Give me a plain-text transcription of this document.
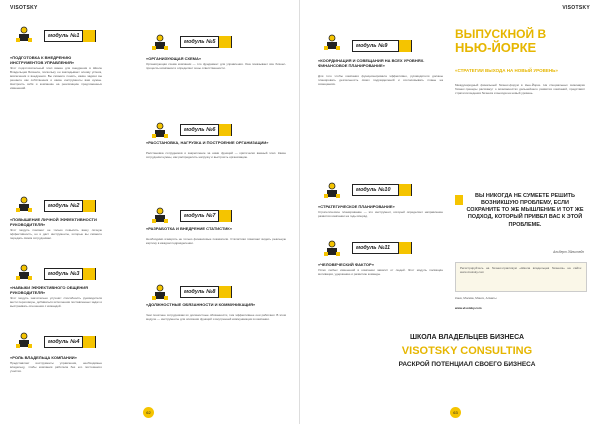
VISOTSKY
модуль №1
«ПОДГОТОВКА К ВНЕДРЕНИЮ ИНСТРУМЕНТОВ УПРАВЛЕНИЯ»
Этот подготовительный этап важен для внедрения в Школе Владельцев Бизнеса, поскольку он закладывает основу успеха, вовлечения и внедрения. Вы сможете понять, какие задачи вы решаете как собственник и какие инструменты вам нужны. Настроить себя и компанию на реализацию предложенных изменений.
модуль №2
«ПОВЫШЕНИЕ ЛИЧНОЙ ЭФФЕКТИВНОСТИ РУКОВОДИТЕЛЯ»
Этот модуль поможет не только повысить вашу личную эффективность, но и даст инструменты, которые вы сможете передать своим сотрудникам.
модуль №3
«НАВЫКИ ЭФФЕКТИВНОГО ОБЩЕНИЯ РУКОВОДИТЕЛЯ»
Этот модуль значительно улучшит способность руководителя вести переговоры, добиваться исполнения поставленных задач и выстраивать отношения с командой.
модуль №4
«РОЛЬ ВЛАДЕЛЬЦА КОМПАНИИ»
Представляет инструменты управления, необходимые владельцу, чтобы компания работала без его постоянного участия.
модуль №5
«ОРГАНИЗУЮЩАЯ СХЕМА»
Организующая схема компании — это фундамент для управления. Она показывает все бизнес-процессы компании и определяет зоны ответственности.
модуль №6
«РАССТАНОВКА, НАГРУЗКА И ПОСТРОЕНИЕ ОРГАНИЗАЦИИ»
Расстановка сотрудников и закрепление за ними функций — критически важный этап. Какие сотрудники нужны, как распределить нагрузку и выстроить организацию.
модуль №7
«РАЗРАБОТКА И ВНЕДРЕНИЕ СТАТИСТИК»
Необходимо измерять не только финансовые показатели. Статистики помогают видеть реальную картину в каждом подразделении.
модуль №8
«ДОЛЖНОСТНЫЕ ОБЯЗАННОСТИ И КОММУНИКАЦИЯ»
Чем понятнее сотрудникам их должностные обязанности, тем эффективнее они работают. В этом модуле — инструменты для описания функций и внутренней коммуникации в компании.
62
VISOTSKY
модуль №9
«КООРДИНАЦИЯ И СОВЕЩАНИЯ НА ВСЕХ УРОВНЯХ. ФИНАНСОВОЕ ПЛАНИРОВАНИЕ»
Для того чтобы компания функционировала эффективно, руководители должны планировать деятельность своих подразделений и согласовывать планы на совещаниях.
модуль №10
«СТРАТЕГИЧЕСКОЕ ПЛАНИРОВАНИЕ»
Стратегическое планирование — это инструмент, который определяет направление развития компании на годы вперёд.
модуль №11
«ЧЕЛОВЕЧЕСКИЙ ФАКТОР»
Успех любых изменений в компании зависит от людей. Этот модуль посвящён мотивации, удержанию и развитию команды.
ВЫПУСКНОЙ В
НЬЮ-ЙОРКЕ
«СТРАТЕГИИ ВЫХОДА НА НОВЫЙ УРОВЕНЬ»
Международный финальный бизнес-форум в Нью-Йорке. На специальных семинарах бизнес-тренеры расскажут о возможностях дальнейшего развития компаний, представят стратегии ведения бизнеса и выхода на новый уровень.
ВЫ НИКОГДА НЕ СУМЕЕТЕ РЕШИТЬ ВОЗНИКШУЮ ПРОБЛЕМУ, ЕСЛИ СОХРАНИТЕ ТО ЖЕ МЫШЛЕНИЕ И ТОТ ЖЕ ПОДХОД, КОТОРЫЙ ПРИВЕЛ ВАС К ЭТОЙ ПРОБЛЕМЕ.
Альберт Эйнштейн
Регистрируйтесь на бизнес-практикум «Школа владельцев бизнеса» на сайте: www.visotsky.com
Киев, Москва, Минск, Алматы
www.visotsky.com
ШКОЛА ВЛАДЕЛЬЦЕВ БИЗНЕСА
VISOTSKY CONSULTING
РАСКРОЙ ПОТЕНЦИАЛ СВОЕГО БИЗНЕСА
63
